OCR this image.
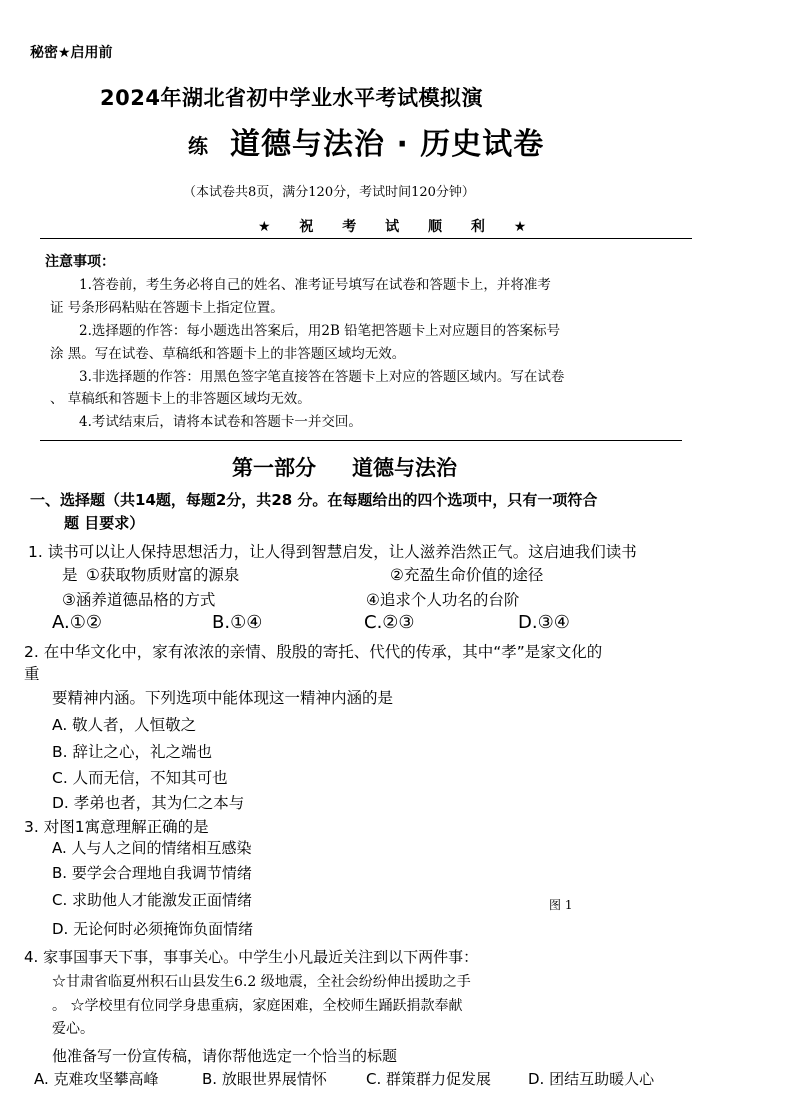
秘密★启用前
2024年湖北省初中学业水平考试模拟演
练 道德与法治 · 历史试卷
（本试卷共8页，满分120分，考试时间120分钟）
★ 祝 考 试 顺 利 ★
注意事项：
1.答卷前，考生务必将自己的姓名、准考证号填写在试卷和答题卡上，并将准考
证 号条形码粘贴在答题卡上指定位置。
2.选择题的作答：每小题选出答案后，用2B 铅笔把答题卡上对应题目的答案标号
涂 黑。写在试卷、草稿纸和答题卡上的非答题区域均无效。
3.非选择题的作答：用黑色签字笔直接答在答题卡上对应的答题区域内。写在试卷
、 草稿纸和答题卡上的非答题区域均无效。
4.考试结束后，请将本试卷和答题卡一并交回。
第一部分 道德与法治
一、选择题（共14题，每题2分，共28 分。在每题给出的四个选项中，只有一项符合
题 目要求）
1. 读书可以让人保持思想活力，让人得到智慧启发，让人滋养浩然正气。这启迪我们读书
是 ①获取物质财富的源泉	②充盈生命价值的途径
③涵养道德品格的方式	④追求个人功名的台阶
A.①②	B.①④	C.②③	D.③④
2. 在中华文化中，家有浓浓的亲情、殷殷的寄托、代代的传承，其中“孝”是家文化的
重
要精神内涵。下列选项中能体现这一精神内涵的是
A. 敬人者，人恒敬之
B. 辞让之心，礼之端也
C. 人而无信，不知其可也
D. 孝弟也者，其为仁之本与
3. 对图1寓意理解正确的是
A. 人与人之间的情绪相互感染
B. 要学会合理地自我调节情绪
C. 求助他人才能激发正面情绪
D. 无论何时必须掩饰负面情绪
图 1
4. 家事国事天下事，事事关心。中学生小凡最近关注到以下两件事：
☆甘肃省临夏州积石山县发生6.2 级地震，全社会纷纷伸出援助之手
。 ☆学校里有位同学身患重病，家庭困难，全校师生踊跃捐款奉献
爱心。
他准备写一份宣传稿，请你帮他选定一个恰当的标题
A. 克难攻坚攀高峰	B. 放眼世界展情怀	C. 群策群力促发展 D. 团结互助暖人心
